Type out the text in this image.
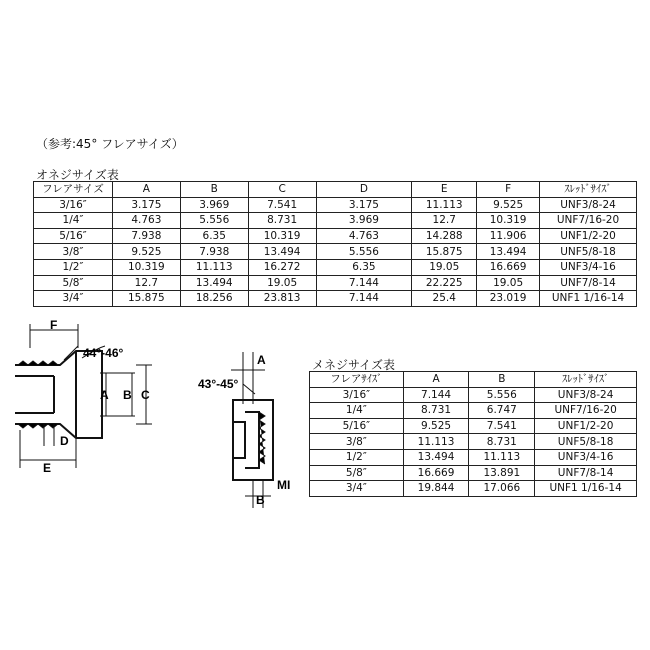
（参考:45° フレアサイズ）
オネジサイズ表
フレアサイズ	A	B	C	D	E	F	ｽﾚｯﾄﾞｻｲｽﾞ
3/16″	3.175	3.969	7.541	3.175	11.113	9.525	UNF3/8-24
1/4″	4.763	5.556	8.731	3.969	12.7	10.319	UNF7/16-20
5/16″	7.938	6.35	10.319	4.763	14.288	11.906	UNF1/2-20
3/8″	9.525	7.938	13.494	5.556	15.875	13.494	UNF5/8-18
1/2″	10.319	11.113	16.272	6.35	19.05	16.669	UNF3/4-16
5/8″	12.7	13.494	19.05	7.144	22.225	19.05	UNF7/8-14
3/4″	15.875	18.256	23.813	7.144	25.4	23.019	UNF1 1/16-14
メネジサイズ表
フレアｻｲｽﾞ	A	B	ｽﾚｯﾄﾞｻｲｽﾞ
3/16″	7.144	5.556	UNF3/8-24
1/4″	8.731	6.747	UNF7/16-20
5/16″	9.525	7.541	UNF1/2-20
3/8″	11.113	8.731	UNF5/8-18
1/2″	13.494	11.113	UNF3/4-16
5/8″	16.669	13.891	UNF7/8-14
3/4″	19.844	17.066	UNF1 1/16-14
F
44°-46°
A B C
D
E
A
43°-45°
MI
B
